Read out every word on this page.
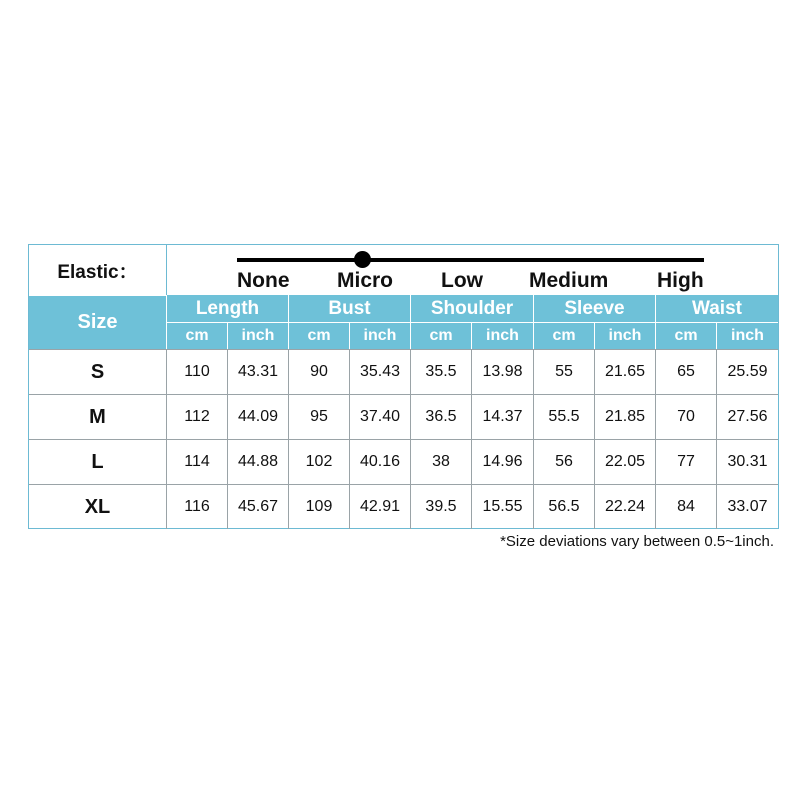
Elastic：	None Micro Low Medium High
Size
Length	Bust	Shoulder	Sleeve	Waist
cm	inch	cm	inch	cm	inch	cm	inch	cm	inch
S	110	43.31	90	35.43	35.5	13.98	55	21.65	65	25.59
M	112	44.09	95	37.40	36.5	14.37	55.5	21.85	70	27.56
L	114	44.88	102	40.16	38	14.96	56	22.05	77	30.31
XL	116	45.67	109	42.91	39.5	15.55	56.5	22.24	84	33.07
*Size deviations vary between 0.5~1inch.
